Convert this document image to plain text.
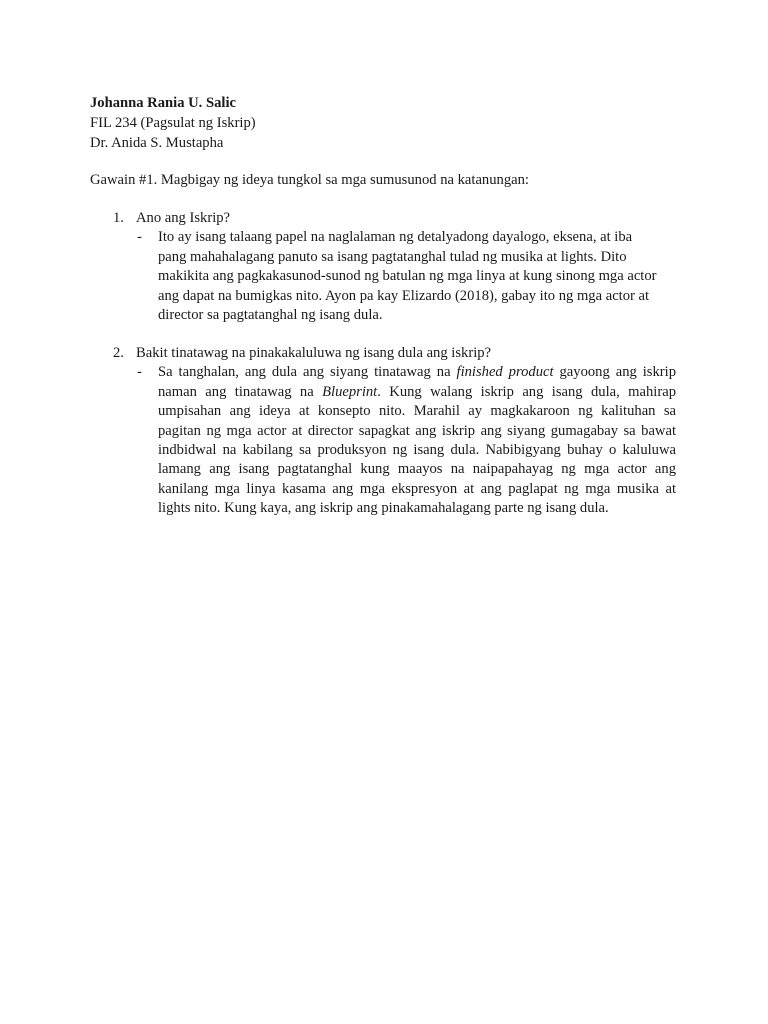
Johanna Rania U. Salic
FIL 234 (Pagsulat ng Iskrip)
Dr. Anida S. Mustapha
Gawain #1. Magbigay ng ideya tungkol sa mga sumusunod na katanungan:
1. Ano ang Iskrip?
- Ito ay isang talaang papel na naglalaman ng detalyadong dayalogo, eksena, at iba
pang mahahalagang panuto sa isang pagtatanghal tulad ng musika at lights. Dito
makikita ang pagkakasunod-sunod ng batulan ng mga linya at kung sinong mga actor
ang dapat na bumigkas nito. Ayon pa kay Elizardo (2018), gabay ito ng mga actor at
director sa pagtatanghal ng isang dula.
2. Bakit tinatawag na pinakakaluluwa ng isang dula ang iskrip?
- Sa tanghalan, ang dula ang siyang tinatawag na finished product gayoong ang iskrip
naman ang tinatawag na Blueprint. Kung walang iskrip ang isang dula, mahirap
umpisahan ang ideya at konsepto nito. Marahil ay magkakaroon ng kalituhan sa
pagitan ng mga actor at director sapagkat ang iskrip ang siyang gumagabay sa bawat
indbidwal na kabilang sa produksyon ng isang dula. Nabibigyang buhay o kaluluwa
lamang ang isang pagtatanghal kung maayos na naipapahayag ng mga actor ang
kanilang mga linya kasama ang mga ekspresyon at ang paglapat ng mga musika at
lights nito. Kung kaya, ang iskrip ang pinakamahalagang parte ng isang dula.
